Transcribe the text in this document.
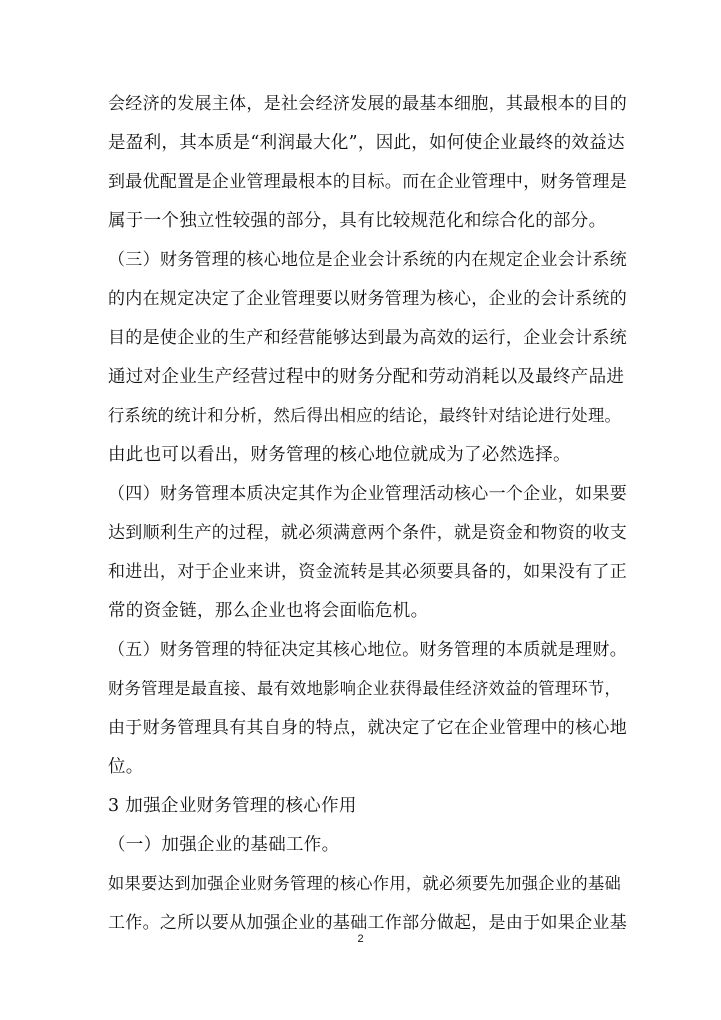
会经济的发展主体，是社会经济发展的最基本细胞，其最根本的目的
是盈利，其本质是“利润最大化”，因此，如何使企业最终的效益达
到最优配置是企业管理最根本的目标。而在企业管理中，财务管理是
属于一个独立性较强的部分，具有比较规范化和综合化的部分。
（三）财务管理的核心地位是企业会计系统的内在规定企业会计系统
的内在规定决定了企业管理要以财务管理为核心，企业的会计系统的
目的是使企业的生产和经营能够达到最为高效的运行，企业会计系统
通过对企业生产经营过程中的财务分配和劳动消耗以及最终产品进
行系统的统计和分析，然后得出相应的结论，最终针对结论进行处理。
由此也可以看出，财务管理的核心地位就成为了必然选择。
（四）财务管理本质决定其作为企业管理活动核心一个企业，如果要
达到顺利生产的过程，就必须满意两个条件，就是资金和物资的收支
和进出，对于企业来讲，资金流转是其必须要具备的，如果没有了正
常的资金链，那么企业也将会面临危机。
（五）财务管理的特征决定其核心地位。财务管理的本质就是理财。
财务管理是最直接、最有效地影响企业获得最佳经济效益的管理环节，
由于财务管理具有其自身的特点，就决定了它在企业管理中的核心地
位。
3 加强企业财务管理的核心作用
（一）加强企业的基础工作。
如果要达到加强企业财务管理的核心作用，就必须要先加强企业的基础
工作。之所以要从加强企业的基础工作部分做起，是由于如果企业基
2
